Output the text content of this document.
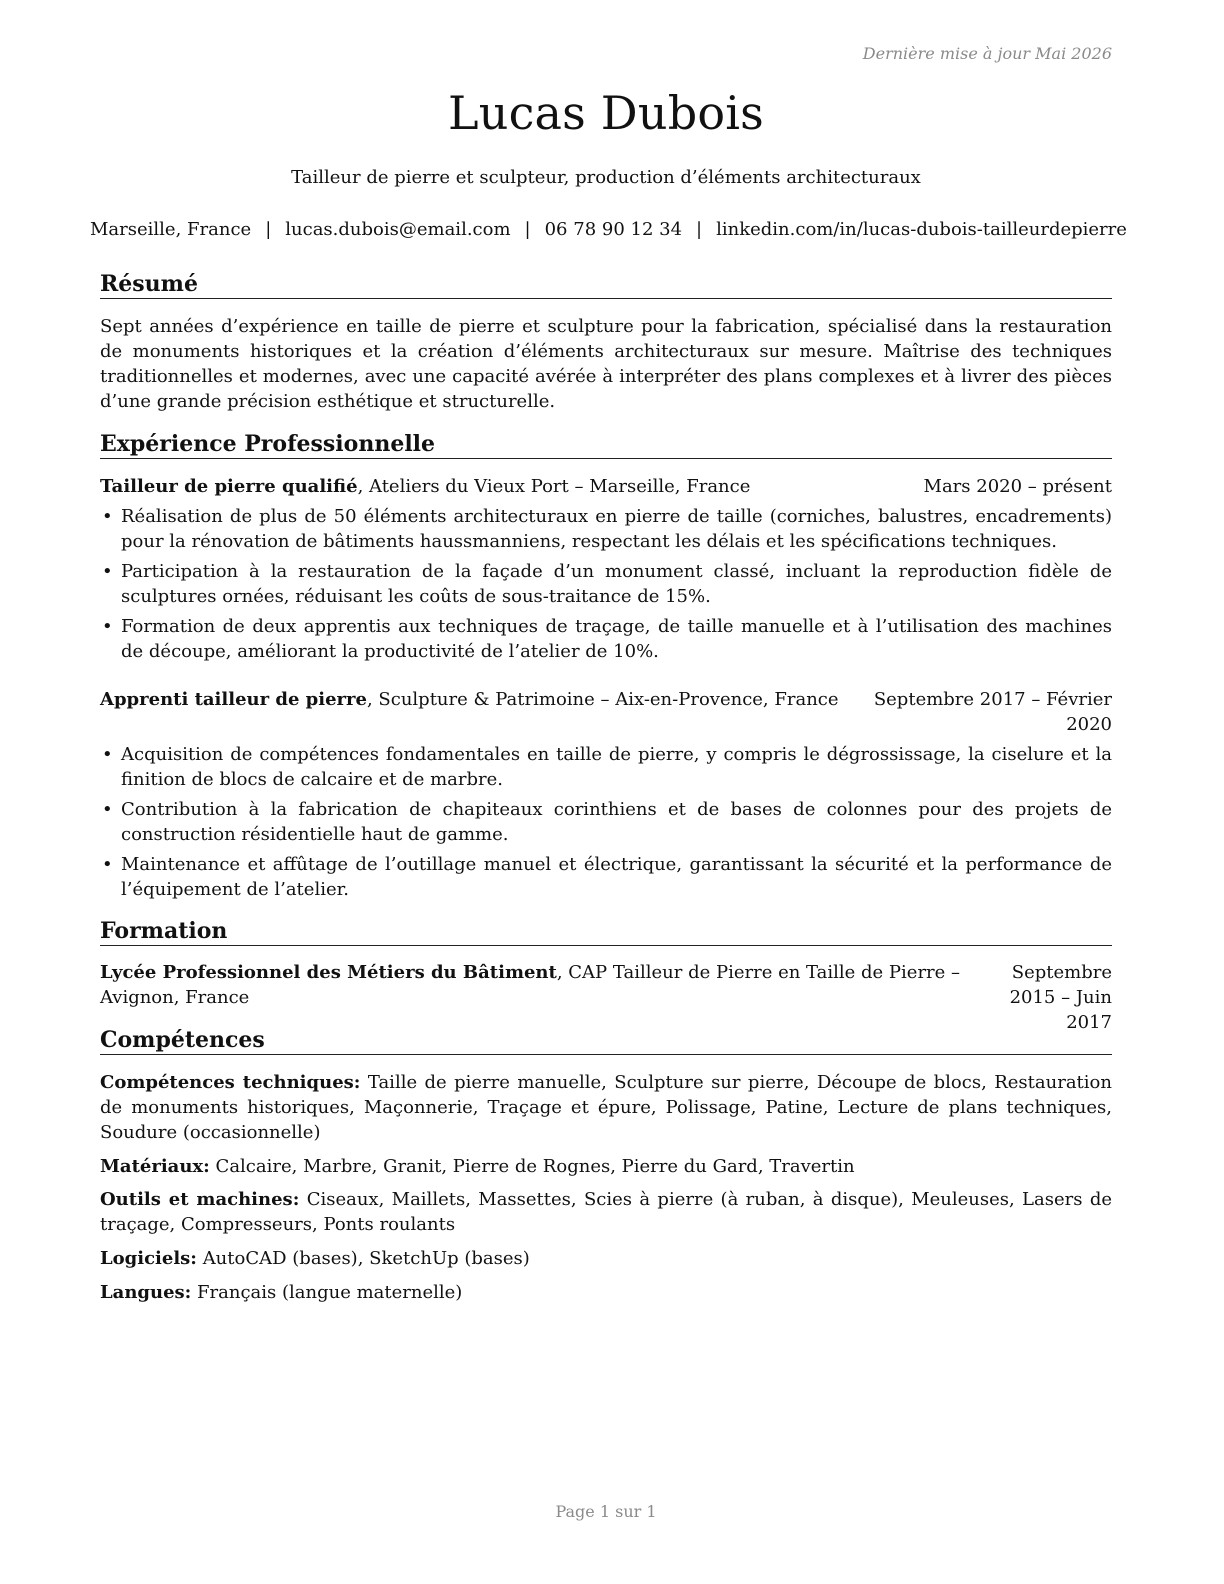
Dernière mise à jour Mai 2026
Lucas Dubois
Tailleur de pierre et sculpteur, production d’éléments architecturaux
Marseille, France | lucas.dubois@email.com | 06 78 90 12 34 | linkedin.com/in/lucas-dubois-tailleurdepierre
Résumé
Sept années d’expérience en taille de pierre et sculpture pour la fabrication, spécialisé dans la restauration de monuments historiques et la création d’éléments architecturaux sur mesure. Maîtrise des techniques traditionnelles et modernes, avec une capacité avérée à interpréter des plans complexes et à livrer des pièces d’une grande précision esthétique et structurelle.
Expérience Professionnelle
Tailleur de pierre qualifié, Ateliers du Vieux Port – Marseille, France	Mars 2020 – présent
• Réalisation de plus de 50 éléments architecturaux en pierre de taille (corniches, balustres, encadrements) pour la rénovation de bâtiments haussmanniens, respectant les délais et les spécifications techniques.
• Participation à la restauration de la façade d’un monument classé, incluant la reproduction fidèle de sculptures ornées, réduisant les coûts de sous-traitance de 15%.
• Formation de deux apprentis aux techniques de traçage, de taille manuelle et à l’utilisation des machines de découpe, améliorant la productivité de l’atelier de 10%.
Apprenti tailleur de pierre, Sculpture & Patrimoine – Aix-en-Provence, France Septembre 2017 – Février 2020
• Acquisition de compétences fondamentales en taille de pierre, y compris le dégrossissage, la ciselure et la finition de blocs de calcaire et de marbre.
• Contribution à la fabrication de chapiteaux corinthiens et de bases de colonnes pour des projets de construction résidentielle haut de gamme.
• Maintenance et affûtage de l’outillage manuel et électrique, garantissant la sécurité et la performance de l’équipement de l’atelier.
Formation
Lycée Professionnel des Métiers du Bâtiment, CAP Tailleur de Pierre en Taille de Pierre – Avignon, France
Septembre 2015 – Juin 2017
Compétences
Compétences techniques: Taille de pierre manuelle, Sculpture sur pierre, Découpe de blocs, Restauration de monuments historiques, Maçonnerie, Traçage et épure, Polissage, Patine, Lecture de plans techniques, Soudure (occasionnelle)
Matériaux: Calcaire, Marbre, Granit, Pierre de Rognes, Pierre du Gard, Travertin
Outils et machines: Ciseaux, Maillets, Massettes, Scies à pierre (à ruban, à disque), Meuleuses, Lasers de traçage, Compresseurs, Ponts roulants
Logiciels: AutoCAD (bases), SketchUp (bases)
Langues: Français (langue maternelle)
Page 1 sur 1
